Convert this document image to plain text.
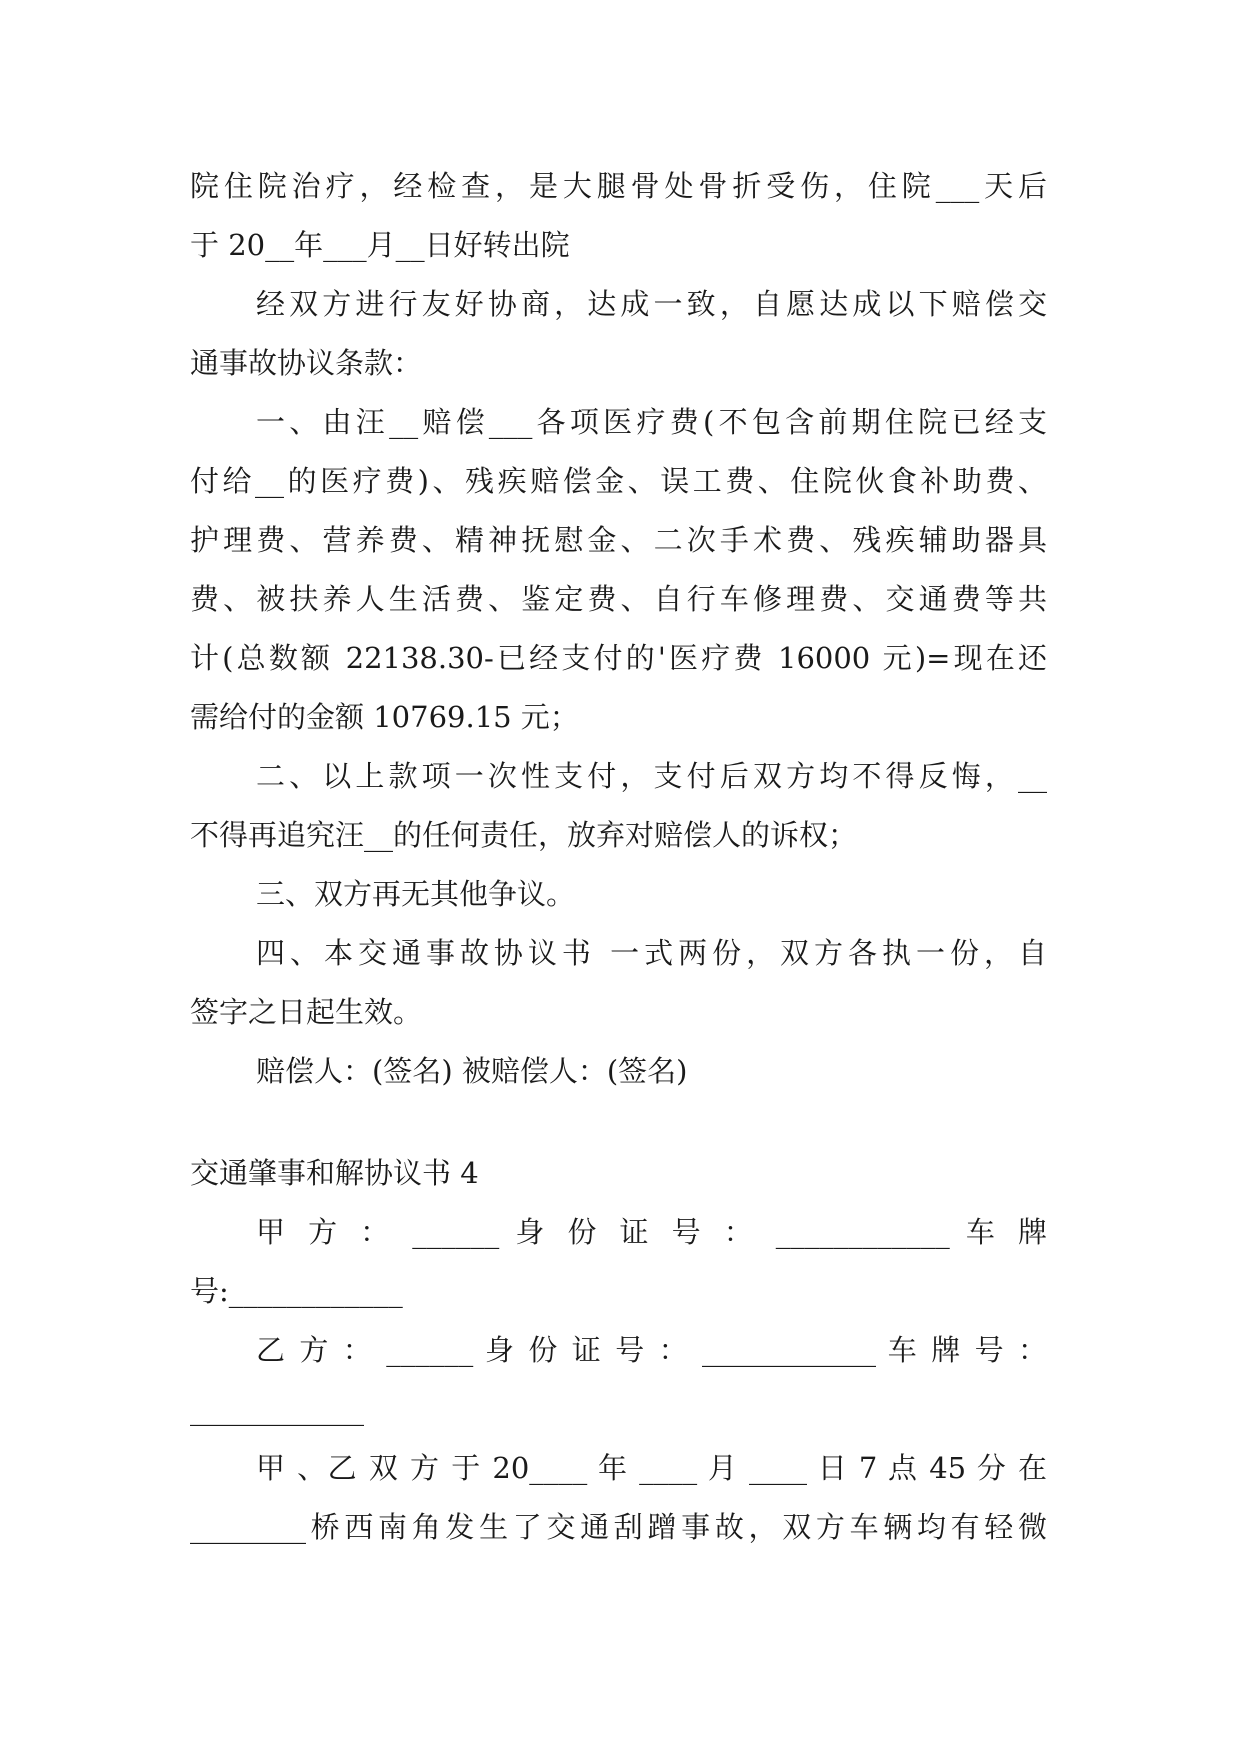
院住院治疗，经检查，是大腿骨处骨折受伤，住院___天后
于 20__年___月__日好转出院
经双方进行友好协商，达成一致，自愿达成以下赔偿交
通事故协议条款：
一、由汪__赔偿___各项医疗费(不包含前期住院已经支
付给__的医疗费)、残疾赔偿金、误工费、住院伙食补助费、
护理费、营养费、精神抚慰金、二次手术费、残疾辅助器具
费、被扶养人生活费、鉴定费、自行车修理费、交通费等共
计(总数额 22138.30-已经支付的'医疗费 16000 元)=现在还
需给付的金额 10769.15 元；
二、以上款项一次性支付，支付后双方均不得反悔，__
不得再追究汪__的任何责任，放弃对赔偿人的诉权；
三、双方再无其他争议。
四、本交通事故协议书 一式两份，双方各执一份，自
签字之日起生效。
赔偿人：(签名) 被赔偿人：(签名)
交通肇事和解协议书 4
甲 方 ： ______ 身 份 证 号 ： ____________ 车 牌
号:____________
乙 方 ： ______ 身 份 证 号 ： ____________ 车 牌 号 ：
____________
甲 、乙 双 方 于 20____ 年 ____ 月 ____ 日 7 点 45 分 在
________桥西南角发生了交通刮蹭事故，双方车辆均有轻微
